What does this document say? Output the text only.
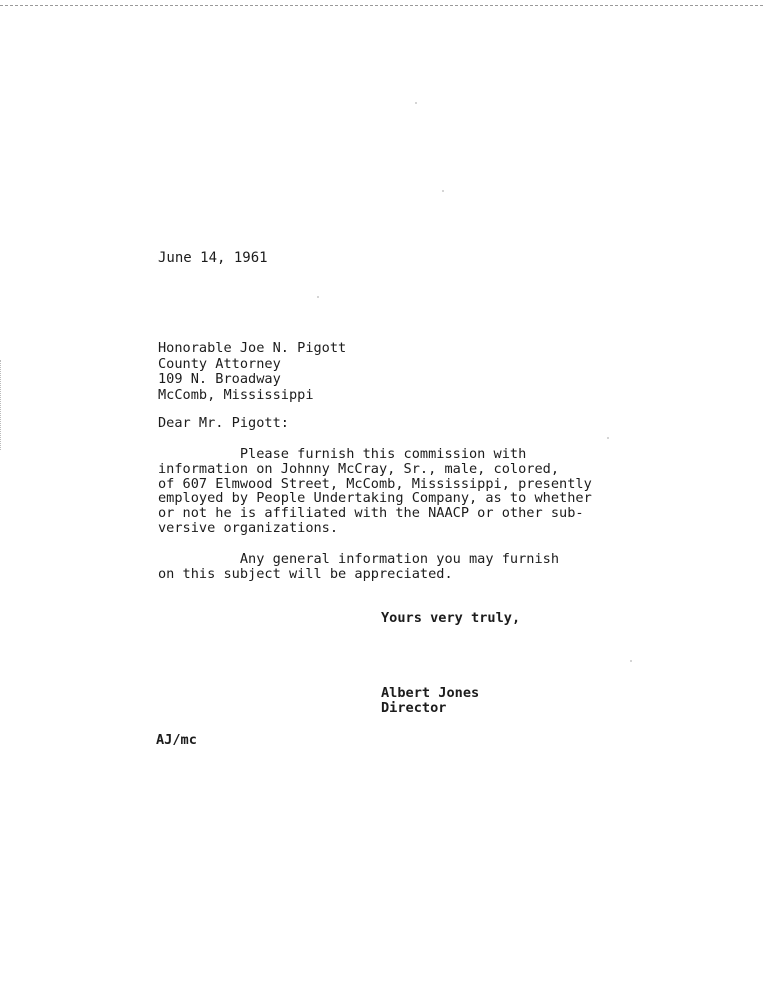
June 14, 1961
Honorable Joe N. Pigott
County Attorney
109 N. Broadway
McComb, Mississippi
Dear Mr. Pigott:
Please furnish this commission with
information on Johnny McCray, Sr., male, colored,
of 607 Elmwood Street, McComb, Mississippi, presently
employed by People Undertaking Company, as to whether
or not he is affiliated with the NAACP or other sub-
versive organizations.
Any general information you may furnish
on this subject will be appreciated.
Yours very truly,
Albert Jones
Director
AJ/mc
